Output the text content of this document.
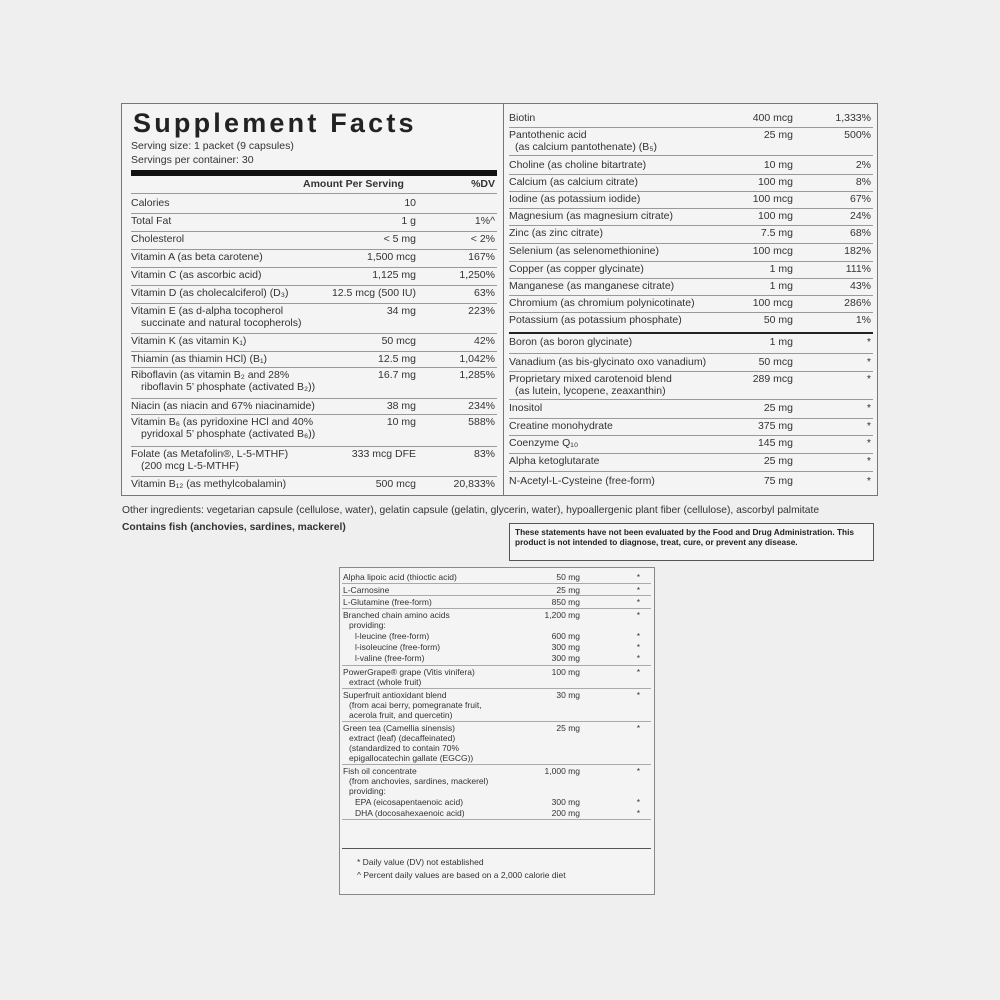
Supplement Facts
Serving size: 1 packet (9 capsules)
Servings per container: 30
Amount Per Serving	%DV
Calories	10
Total Fat	1 g	1%^
Cholesterol	< 5 mg	< 2%
Vitamin A (as beta carotene)	1,500 mcg	167%
Vitamin C (as ascorbic acid)	1,125 mg	1,250%
Vitamin D (as cholecalciferol) (D₃)	12.5 mcg (500 IU)	63%
Vitamin E (as d-alpha tocopherol
succinate and natural tocopherols)
34 mg	223%
Vitamin K (as vitamin K₁)	50 mcg	42%
Thiamin (as thiamin HCl) (B₁)	12.5 mg	1,042%
Riboflavin (as vitamin B₂ and 28%
riboflavin 5’ phosphate (activated B₂))
16.7 mg	1,285%
Niacin (as niacin and 67% niacinamide)	38 mg	234%
Vitamin B₆ (as pyridoxine HCl and 40%
pyridoxal 5’ phosphate (activated B₆))
10 mg	588%
Folate (as Metafolin®, L-5-MTHF)
(200 mcg L-5-MTHF)
333 mcg DFE	83%
Vitamin B₁₂ (as methylcobalamin)	500 mcg	20,833%
Biotin	400 mcg	1,333%
Pantothenic acid
(as calcium pantothenate) (B₅)
25 mg	500%
Choline (as choline bitartrate)	10 mg	2%
Calcium (as calcium citrate)	100 mg	8%
Iodine (as potassium iodide)	100 mcg	67%
Magnesium (as magnesium citrate)	100 mg	24%
Zinc (as zinc citrate)	7.5 mg	68%
Selenium (as selenomethionine)	100 mcg	182%
Copper (as copper glycinate)	1 mg	111%
Manganese (as manganese citrate)	1 mg	43%
Chromium (as chromium polynicotinate)	100 mcg	286%
Potassium (as potassium phosphate)	50 mg	1%
Boron (as boron glycinate)	1 mg	*
Vanadium (as bis-glycinato oxo vanadium)	50 mcg	*
Proprietary mixed carotenoid blend
(as lutein, lycopene, zeaxanthin)
289 mcg	*
Inositol	25 mg	*
Creatine monohydrate	375 mg	*
Coenzyme Q₁₀	145 mg	*
Alpha ketoglutarate	25 mg	*
N-Acetyl-L-Cysteine (free-form)	75 mg	*
Other ingredients: vegetarian capsule (cellulose, water), gelatin capsule (gelatin, glycerin, water), hypoallergenic plant fiber (cellulose), ascorbyl palmitate
Contains fish (anchovies, sardines, mackerel)	These statements have not been evaluated by the Food and Drug Administration. This product is not intended to diagnose, treat, cure, or prevent any disease.
Alpha lipoic acid (thioctic acid)	50 mg	*
L-Carnosine	25 mg	*
L-Glutamine (free-form)	850 mg	*
Branched chain amino acids
providing:
1,200 mg	*
l-leucine (free-form)	600 mg	*
l-isoleucine (free-form)	300 mg	*
l-valine (free-form)	300 mg	*
PowerGrape® grape (Vitis vinifera)
extract (whole fruit)
100 mg	*
Superfruit antioxidant blend
(from acai berry, pomegranate fruit,
acerola fruit, and quercetin)
30 mg	*
Green tea (Camellia sinensis)
extract (leaf) (decaffeinated)
(standardized to contain 70%
epigallocatechin gallate (EGCG))
25 mg	*
Fish oil concentrate
(from anchovies, sardines, mackerel)
providing:
1,000 mg	*
EPA (eicosapentaenoic acid)	300 mg	*
DHA (docosahexaenoic acid)	200 mg	*
* Daily value (DV) not established
^ Percent daily values are based on a 2,000 calorie diet
